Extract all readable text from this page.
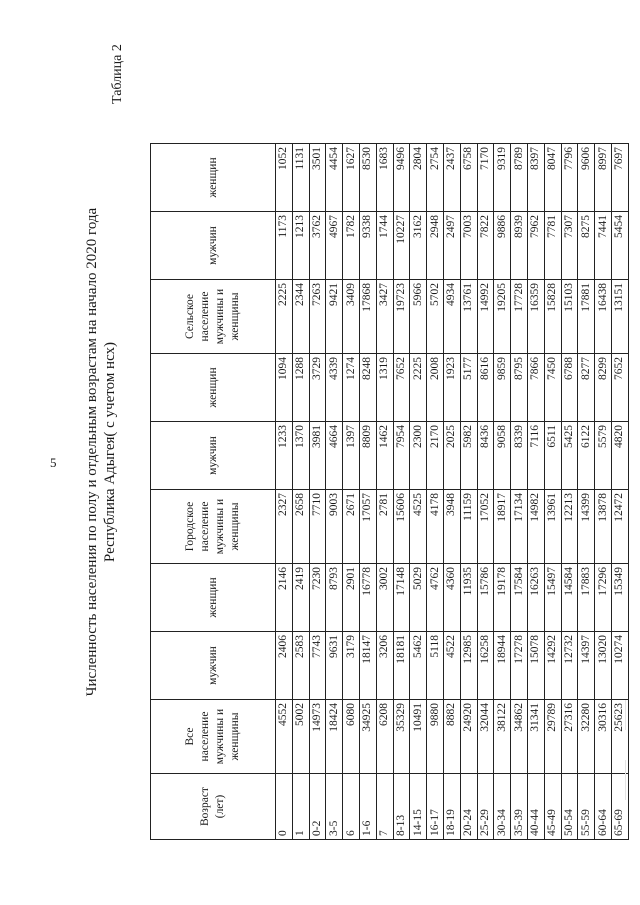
5 Численность населения по полу и отдельным возрастам на начало 2020 года Республика Адыгея( с учетом нсх)
Таблица 2
Возраст (лет)	Все население мужчины и женщины	мужчин	женщин	Городское население мужчины и женщины	мужчин	женщин	Сельское население мужчины и женщины	мужчин	женщин
0	4552	2406	2146	2327	1233	1094	2225	1173	1052
1	5002	2583	2419	2658	1370	1288	2344	1213	1131
0-2	14973	7743	7230	7710	3981	3729	7263	3762	3501
3-5	18424	9631	8793	9003	4664	4339	9421	4967	4454
6	6080	3179	2901	2671	1397	1274	3409	1782	1627
1-6	34925	18147	16778	17057	8809	8248	17868	9338	8530
7	6208	3206	3002	2781	1462	1319	3427	1744	1683
8-13	35329	18181	17148	15606	7954	7652	19723	10227	9496
14-15	10491	5462	5029	4525	2300	2225	5966	3162	2804
16-17	9880	5118	4762	4178	2170	2008	5702	2948	2754
18-19	8882	4522	4360	3948	2025	1923	4934	2497	2437
20-24	24920	12985	11935	11159	5982	5177	13761	7003	6758
25-29	32044	16258	15786	17052	8436	8616	14992	7822	7170
30-34	38122	18944	19178	18917	9058	9859	19205	9886	9319
35-39	34862	17278	17584	17134	8339	8795	17728	8939	8789
40-44	31341	15078	16263	14982	7116	7866	16359	7962	8397
45-49	29789	14292	15497	13961	6511	7450	15828	7781	8047
50-54	27316	12732	14584	12213	5425	6788	15103	7307	7796
55-59	32280	14397	17883	14399	6122	8277	17881	8275	9606
60-64	30316	13020	17296	13878	5579	8299	16438	7441	8997
65-69	25623	10274	15349	12472	4820	7652	13151	5454	7697
